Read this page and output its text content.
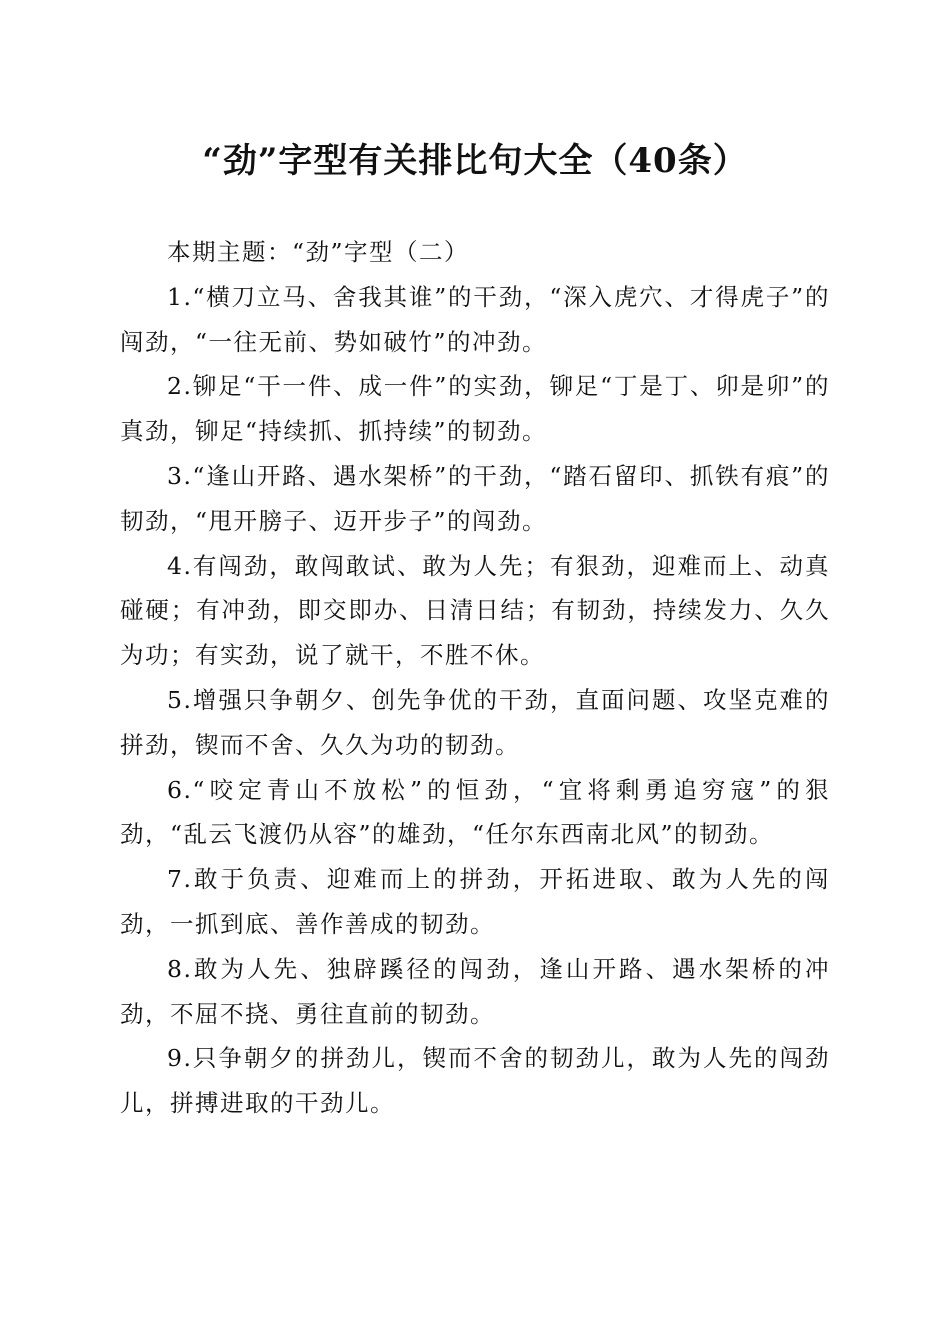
“劲”字型有关排比句大全（40条）

本期主题：“劲”字型（二）

1.“横刀立马、舍我其谁”的干劲，“深入虎穴、才得虎子”的闯劲，“一往无前、势如破竹”的冲劲。

2.铆足“干一件、成一件”的实劲，铆足“丁是丁、卯是卯”的真劲，铆足“持续抓、抓持续”的韧劲。

3.“逢山开路、遇水架桥”的干劲，“踏石留印、抓铁有痕”的韧劲，“甩开膀子、迈开步子”的闯劲。

4.有闯劲，敢闯敢试、敢为人先；有狠劲，迎难而上、动真碰硬；有冲劲，即交即办、日清日结；有韧劲，持续发力、久久为功；有实劲，说了就干，不胜不休。

5.增强只争朝夕、创先争优的干劲，直面问题、攻坚克难的拼劲，锲而不舍、久久为功的韧劲。

6.“咬定青山不放松”的恒劲，“宜将剩勇追穷寇”的狠劲，“乱云飞渡仍从容”的雄劲，“任尔东西南北风”的韧劲。

7.敢于负责、迎难而上的拼劲，开拓进取、敢为人先的闯劲，一抓到底、善作善成的韧劲。

8.敢为人先、独辟蹊径的闯劲，逢山开路、遇水架桥的冲劲，不屈不挠、勇往直前的韧劲。

9.只争朝夕的拼劲儿，锲而不舍的韧劲儿，敢为人先的闯劲儿，拼搏进取的干劲儿。
